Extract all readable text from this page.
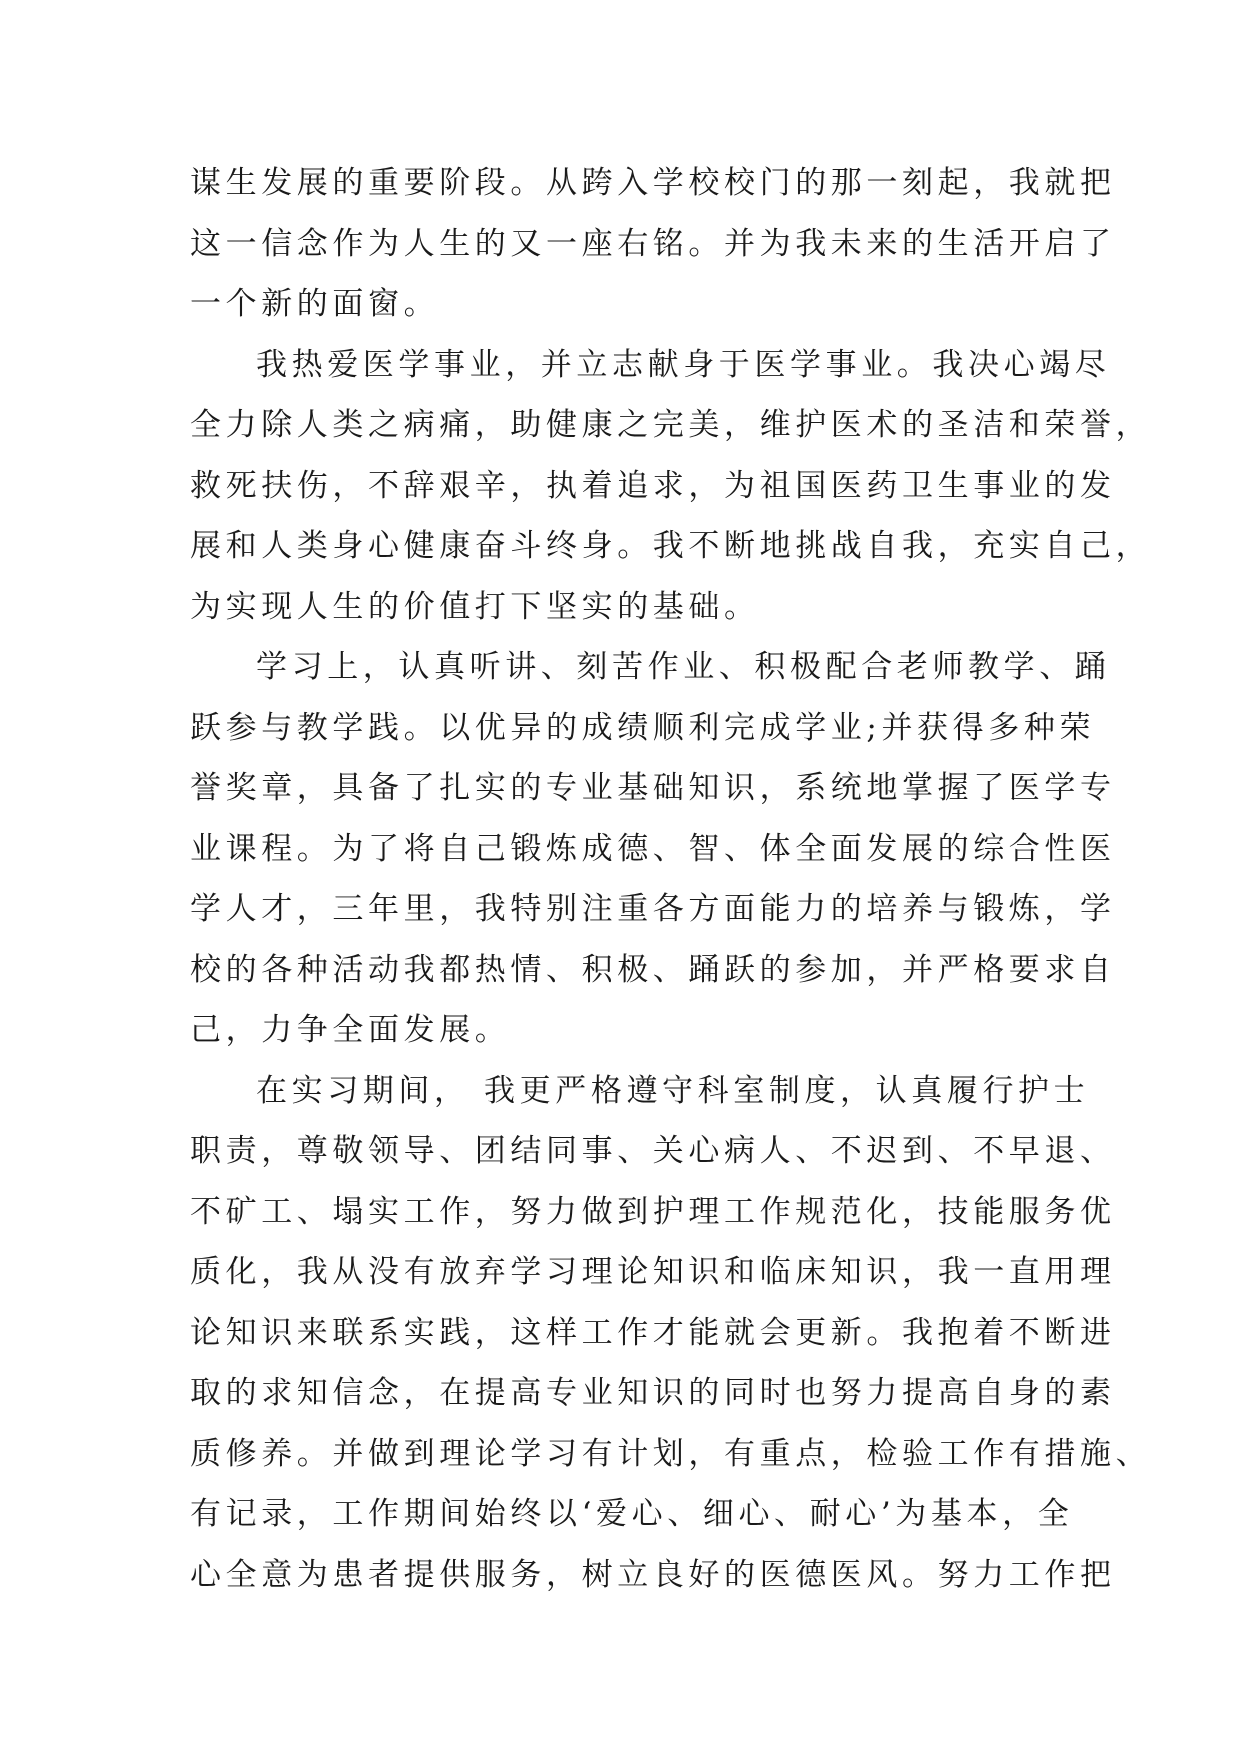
谋生发展的重要阶段。从跨入学校校门的那一刻起，我就把
这一信念作为人生的又一座右铭。并为我未来的生活开启了
一个新的面窗。
我热爱医学事业，并立志献身于医学事业。我决心竭尽
全力除人类之病痛，助健康之完美，维护医术的圣洁和荣誉，
救死扶伤，不辞艰辛，执着追求，为祖国医药卫生事业的发
展和人类身心健康奋斗终身。我不断地挑战自我，充实自己，
为实现人生的价值打下坚实的基础。
学习上，认真听讲、刻苦作业、积极配合老师教学、踊
跃参与教学践。以优异的成绩顺利完成学业;并获得多种荣
誉奖章，具备了扎实的专业基础知识，系统地掌握了医学专
业课程。为了将自己锻炼成德、智、体全面发展的综合性医
学人才，三年里，我特别注重各方面能力的培养与锻炼，学
校的各种活动我都热情、积极、踊跃的参加，并严格要求自
己，力争全面发展。
在实习期间， 我更严格遵守科室制度，认真履行护士
职责，尊敬领导、团结同事、关心病人、不迟到、不早退、
不矿工、塌实工作，努力做到护理工作规范化，技能服务优
质化，我从没有放弃学习理论知识和临床知识，我一直用理
论知识来联系实践，这样工作才能就会更新。我抱着不断进
取的求知信念，在提高专业知识的同时也努力提高自身的素
质修养。并做到理论学习有计划，有重点，检验工作有措施、
有记录，工作期间始终以‘爱心、细心、耐心’为基本，全
心全意为患者提供服务，树立良好的医德医风。努力工作把
